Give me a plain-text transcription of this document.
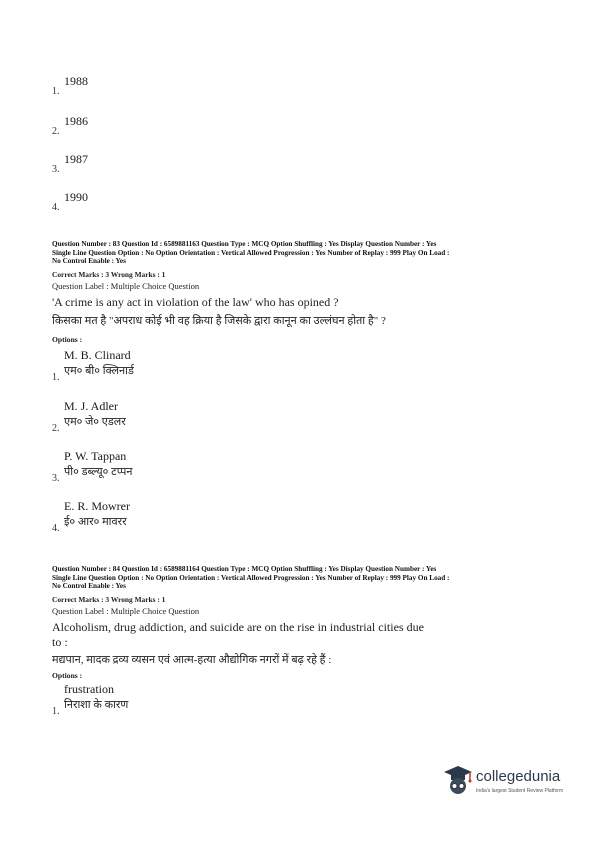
1.
1988
2.
1986
3.
1987
4.
1990
Question Number : 83 Question Id : 6589881163 Question Type : MCQ Option Shuffling : Yes Display Question Number : Yes
Single Line Question Option : No Option Orientation : Vertical Allowed Progression : Yes Number of Replay : 999 Play On Load :
No Control Enable : Yes
Correct Marks : 3 Wrong Marks : 1
Question Label : Multiple Choice Question
'A crime is any act in violation of the law' who has opined ?
किसका मत है "अपराध कोई भी वह क्रिया है जिसके द्वारा कानून का उल्लंघन होता है" ?
Options :
M. B. Clinard
एम० बी० क्लिनार्ड
1.
M. J. Adler
एम० जे० एडलर
2.
P. W. Tappan
पी० डब्ल्यू० टप्पन
3.
E. R. Mowrer
ई० आर० मावरर
4.
Question Number : 84 Question Id : 6589881164 Question Type : MCQ Option Shuffling : Yes Display Question Number : Yes
Single Line Question Option : No Option Orientation : Vertical Allowed Progression : Yes Number of Replay : 999 Play On Load :
No Control Enable : Yes
Correct Marks : 3 Wrong Marks : 1
Question Label : Multiple Choice Question
Alcoholism, drug addiction, and suicide are on the rise in industrial cities due
to :
मद्यपान, मादक द्रव्य व्यसन एवं आत्म-हत्या औद्योगिक नगरों में बढ़ रहे हैं :
Options :
frustration
निराशा के कारण
1.
collegedunia
India's largest Student Review Platform
